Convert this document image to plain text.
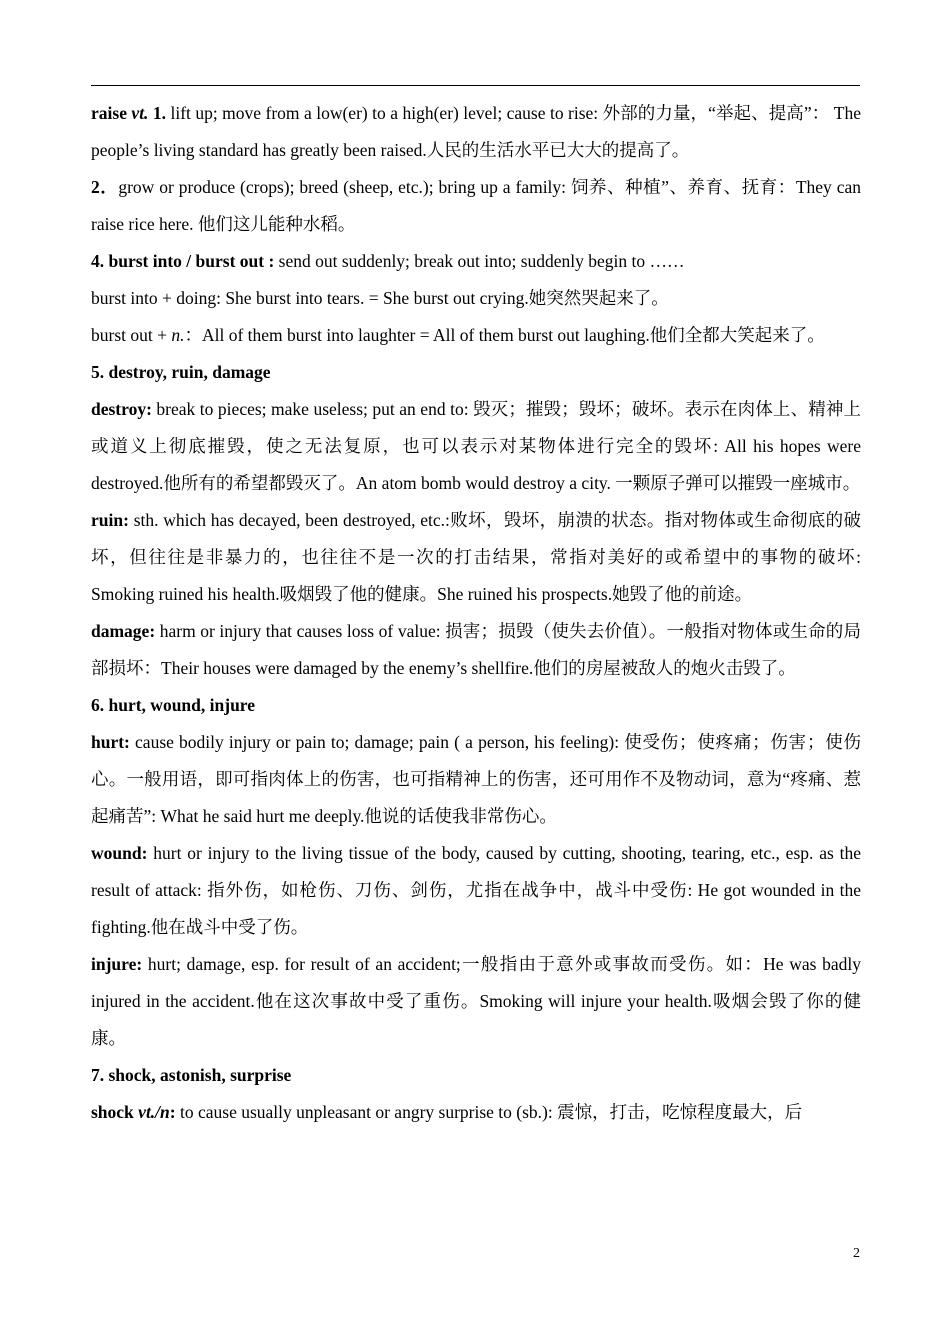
raise vt. 1. lift up; move from a low(er) to a high(er) level; cause to rise: 外部的力量，“举起、提高”： The people’s living standard has greatly been raised.人民的生活水平已大大的提高了。

2．grow or produce (crops); breed (sheep, etc.); bring up a family: 饲养、种植”、养育、抚育：They can raise rice here. 他们这儿能种水稻。

4. burst into / burst out : send out suddenly; break out into; suddenly begin to ……

burst into + doing: She burst into tears. = She burst out crying.她突然哭起来了。

burst out + n.：All of them burst into laughter = All of them burst out laughing.他们全都大笑起来了。

5. destroy, ruin, damage

destroy: break to pieces; make useless; put an end to: 毁灭；摧毁；毁坏；破坏。表示在肉体上、精神上或道义上彻底摧毁，使之无法复原，也可以表示对某物体进行完全的毁坏: All his hopes were destroyed.他所有的希望都毁灭了。An atom bomb would destroy a city. 一颗原子弹可以摧毁一座城市。

ruin: sth. which has decayed, been destroyed, etc.:败坏，毁坏，崩溃的状态。指对物体或生命彻底的破坏，但往往是非暴力的，也往往不是一次的打击结果，常指对美好的或希望中的事物的破坏: Smoking ruined his health.吸烟毁了他的健康。She ruined his prospects.她毁了他的前途。

damage: harm or injury that causes loss of value: 损害；损毁（使失去价值）。一般指对物体或生命的局部损坏：Their houses were damaged by the enemy’s shellfire.他们的房屋被敌人的炮火击毁了。

6. hurt, wound, injure

hurt: cause bodily injury or pain to; damage; pain ( a person, his feeling): 使受伤；使疼痛；伤害；使伤心。一般用语，即可指肉体上的伤害，也可指精神上的伤害，还可用作不及物动词，意为“疼痛、惹起痛苦”: What he said hurt me deeply.他说的话使我非常伤心。

wound: hurt or injury to the living tissue of the body, caused by cutting, shooting, tearing, etc., esp. as the result of attack: 指外伤，如枪伤、刀伤、剑伤，尤指在战争中，战斗中受伤: He got wounded in the fighting.他在战斗中受了伤。

injure: hurt; damage, esp. for result of an accident;一般指由于意外或事故而受伤。如：He was badly injured in the accident.他在这次事故中受了重伤。Smoking will injure your health.吸烟会毁了你的健康。

7. shock, astonish, surprise

shock vt./n: to cause usually unpleasant or angry surprise to (sb.): 震惊，打击，吃惊程度最大，后

2
